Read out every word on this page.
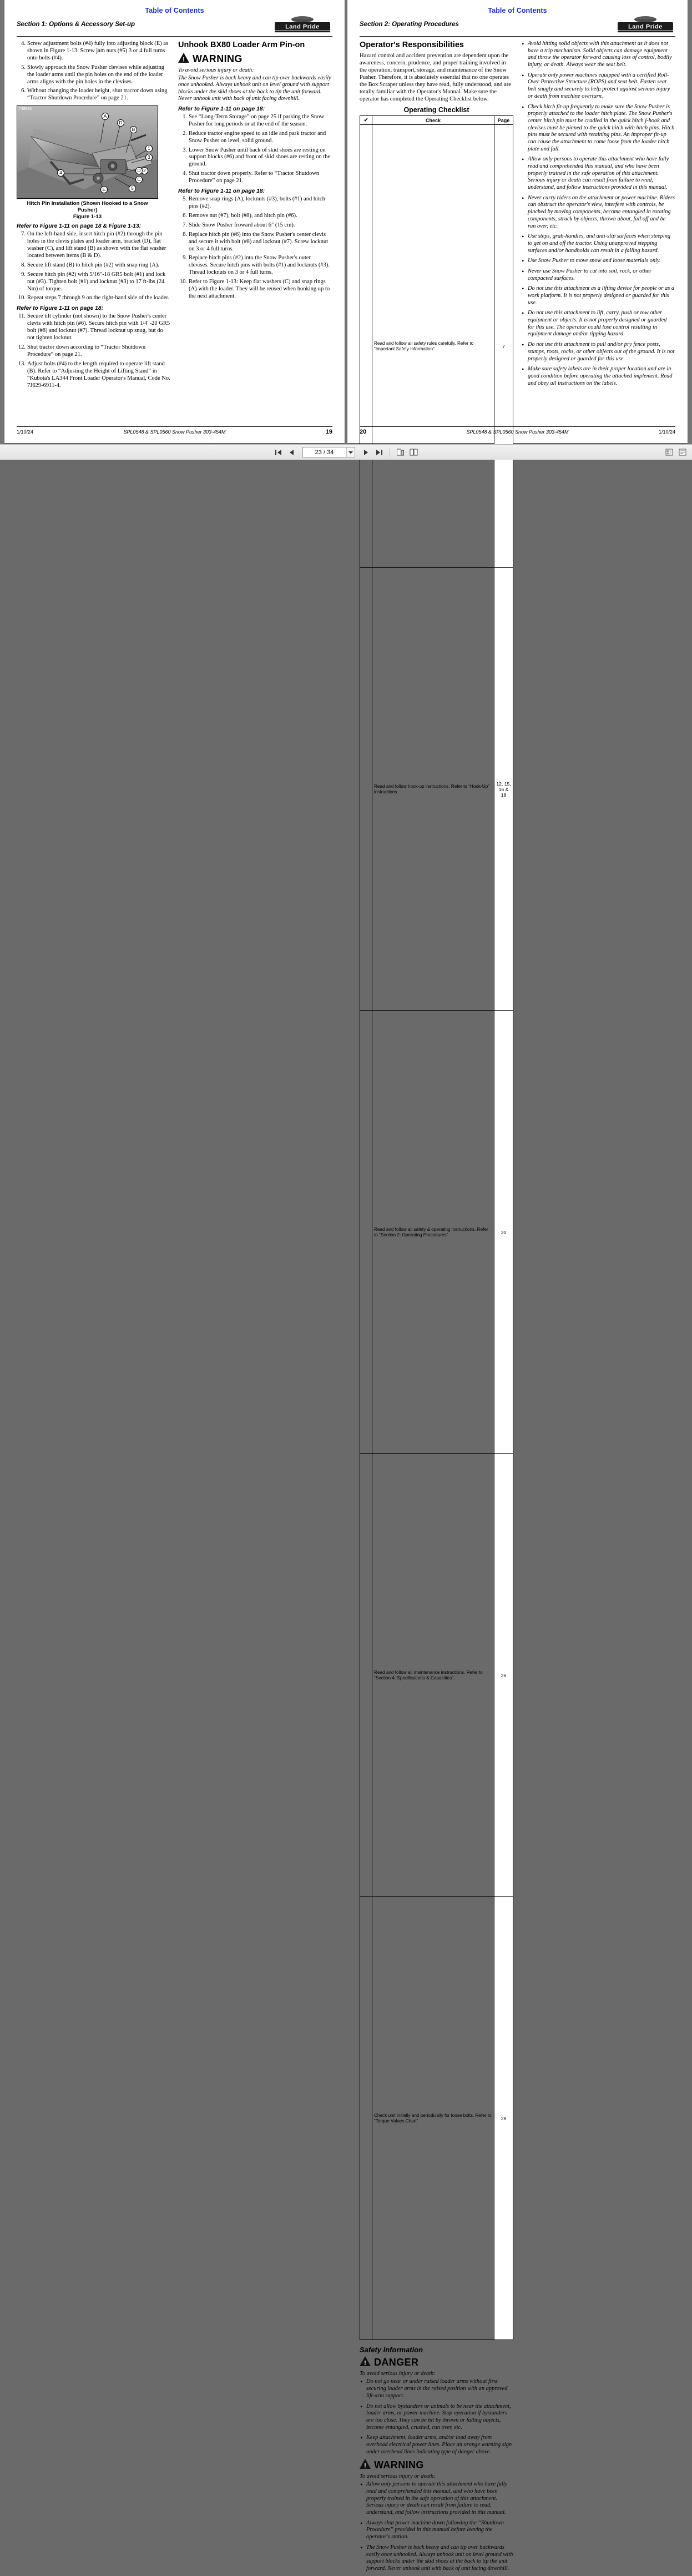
Table of Contents
Section 1: Options & Accessory Set-up	Land Pride
4. Screw adjustment bolts (#4) fully into adjusting block (E) as shown in Figure 1-13. Screw jam nuts (#5) 3 or 4 full turns onto bolts (#4).
5. Slowly approach the Snow Pusher clevises while adjusting the loader arms until the pin holes on the end of the loader arms aligns with the pin holes in the clevises.
6. Without changing the loader height, shut tractor down using “Tractor Shutdown Procedure” on page 21.
74899A
D
B
A
1
3
2
C
D
4
E	5
Hitch Pin Installation (Shown Hooked to a Snow Pusher)
Figure 1-13
Refer to Figure 1-11 on page 18 & Figure 1-13:
7. On the left-hand side, insert hitch pin (#2) through the pin holes in the clevis plates and loader arm, bracket (D), flat washer (C), and lift stand (B) as shown with the flat washer located between items (B & D).
8. Secure lift stand (B) to hitch pin (#2) with snap ring (A).
9. Secure hitch pin (#2) with 5/16"-18 GR5 bolt (#1) and lock nut (#3). Tighten bolt (#1) and locknut (#3) to 17 ft-lbs (24 Nm) of torque.
10. Repeat steps 7 through 9 on the right-hand side of the loader.
Refer to Figure 1-11 on page 18:
11. Secure tilt cylinder (not shown) to the Snow Pusher's center clevis with hitch pin (#6). Secure hitch pin with 1/4"-20 GR5 bolt (#8) and locknut (#7). Thread locknut up snug, but do not tighten locknut.
12. Shut tractor down according to “Tractor Shutdown Procedure” on page 21.
13. Adjust bolts (#4) to the length required to operate lift stand (B). Refer to “Adjusting the Height of Lifting Stand” in “Kubota's LA344 Front Loader Operator's Manual, Code No. 7J629-6911-4.
Unhook BX80 Loader Arm Pin-on
! WARNING
To avoid serious injury or death:

The Snow Pusher is back heavy and can tip over backwards easily once unhooked. Always unhook unit on level ground with support blocks under the skid shoes at the back to tip the unit forward. Never unhook unit with back of unit facing downhill.

Refer to Figure 1-11 on page 18:
1. See “Long-Term Storage” on page 25 if parking the Snow Pusher for long periods or at the end of the season.
2. Reduce tractor engine speed to an idle and park tractor and Snow Pusher on level, solid ground.
3. Lower Snow Pusher until back of skid shoes are resting on support blocks (#6) and front of skid shoes are resting on the ground.
4. Shut tractor down properly. Refer to “Tractor Shutdown Procedure” on page 21.
Refer to Figure 1-11 on page 18:
5. Remove snap rings (A), locknuts (#3), bolts (#1) and hitch pins (#2).
6. Remove nut (#7), bolt (#8), and hitch pin (#6).
7. Slide Snow Pusher froward about 6" (15 cm).
8. Replace hitch pin (#6) into the Snow Pusher's center clevis and secure it with bolt (#8) and locknut (#7). Screw locknut on 3 or 4 full turns.
9. Replace hitch pins (#2) into the Snow Pusher's outer clevises. Secure hitch pins with bolts (#1) and locknuts (#3). Thread locknuts on 3 or 4 full turns.
10. Refer to Figure 1-13: Keep flat washers (C) and snap rings (A) with the loader. They will be reused when hooking up to the next attachment.
1/10/24	SPL0548 & SPL0560 Snow Pusher 303-454M	19
Table of Contents
Section 2: Operating Procedures	Land Pride
Operator's Responsibilities

Hazard control and accident prevention are dependent upon the awareness, concern, prudence, and proper training involved in the operation, transport, storage, and maintenance of the Snow Pusher. Therefore, it is absolutely essential that no one operates the Box Scraper unless they have read, fully understood, and are totally familiar with the Operator's Manual. Make sure the operator has completed the Operating Checklist below.

Operating Checklist
✔	Check	Page
	Read and follow all safety rules carefully. Refer to “Important Safety Information”.	7
	Read and follow hook-up instructions. Refer to “Hook-Up” instructions.	12, 15, 16 & 18
	Read and follow all safety & operating instructions. Refer to “Section 2: Operating Procedures”.	20
	Read and follow all maintenance instructions. Refer to “Section 4: Specifications & Capacities”.	26
	Check unit initially and periodically for loose bolts. Refer to “Torque Values Chart”	28
Safety Information
! DANGER
To avoid serious injury or death:
• Do not go near or under raised loader arms without first securing loader arms in the raised position with an approved lift-arm support.
• Do not allow bystanders or animals to be near the attachment, loader arms, or power machine. Stop operation if bystanders are too close. They can be hit by thrown or falling objects, become entangled, crushed, ran over, etc.
• Keep attachment, loader arms, and/or load away from overhead electrical power lines. Place an orange warning sign under overhead lines indicating type of danger above.
! WARNING
To avoid serious injury or death:
• Allow only persons to operate this attachment who have fully read and comprehended this manual, and who have been properly trained in the safe operation of this attachment. Serious injury or death can result from failure to read, understand, and follow instructions provided in this manual.
• Always shut power machine down following the “Shutdown Procedure” provided in this manual before leaving the operator's station.
• The Snow Pusher is back heavy and can tip over backwards easily once unhooked. Always unhook unit on level ground with support blocks under the skid shoes at the back to tip the unit forward. Never unhook unit with back of unit facing downhill.
• Avoid hitting solid objects with this attachment as it does not have a trip mechanism. Solid objects can damage equipment and throw the operator forward causing loss of control, bodily injury, or death. Always wear the seat belt.
• Operate only power machines equipped with a certified Roll-Over Protective Structure (ROPS) and seat belt. Fasten seat belt snugly and securely to help protect against serious injury or death from machine overturn.
• Check hitch fit-up frequently to make sure the Snow Pusher is properly attached to the loader hitch plate. The Snow Pusher's center hitch pin must be cradled in the quick hitch j-hook and clevises must be pinned to the quick hitch with hitch pins. Hitch pins must be secured with retaining pins. An improper fit-up can cause the attachment to come loose from the loader hitch plate and fall.
• Allow only persons to operate this attachment who have fully read and comprehended this manual, and who have been properly trained in the safe operation of this attachment. Serious injury or death can result from failure to read, understand, and follow instructions provided in this manual.
• Never carry riders on the attachment or power machine. Riders can obstruct the operator's view, interfere with controls, be pinched by moving components, become entangled in rotating components, struck by objects, thrown about, fall off and be run over, etc.
• Use steps, grab-handles, and anti-slip surfaces when steeping to get on and off the tractor. Using unapproved stepping surfaces and/or handholds can result in a falling hazard.
• Use Snow Pusher to move snow and loose materials only.
• Never use Snow Pusher to cut into soil, rock, or other compacted surfaces.
• Do not use this attachment as a lifting device for people or as a work platform. It is not properly designed or guarded for this use.
• Do not use this attachment to lift, carry, push or tow other equipment or objects. It is not properly designed or guarded for this use. The operator could lose control resulting in equipment damage and/or tipping hazard.
• Do not use this attachment to pull and/or pry fence posts, stumps, roots, rocks, or other objects out of the ground. It is not properly designed or guarded for this use.
• Make sure safety labels are in their proper location and are in good condition before operating the attached implement. Read and obey all instructions on the labels.
20	SPL0548 & SPL0560 Snow Pusher 303-454M	1/10/24
23 / 34
